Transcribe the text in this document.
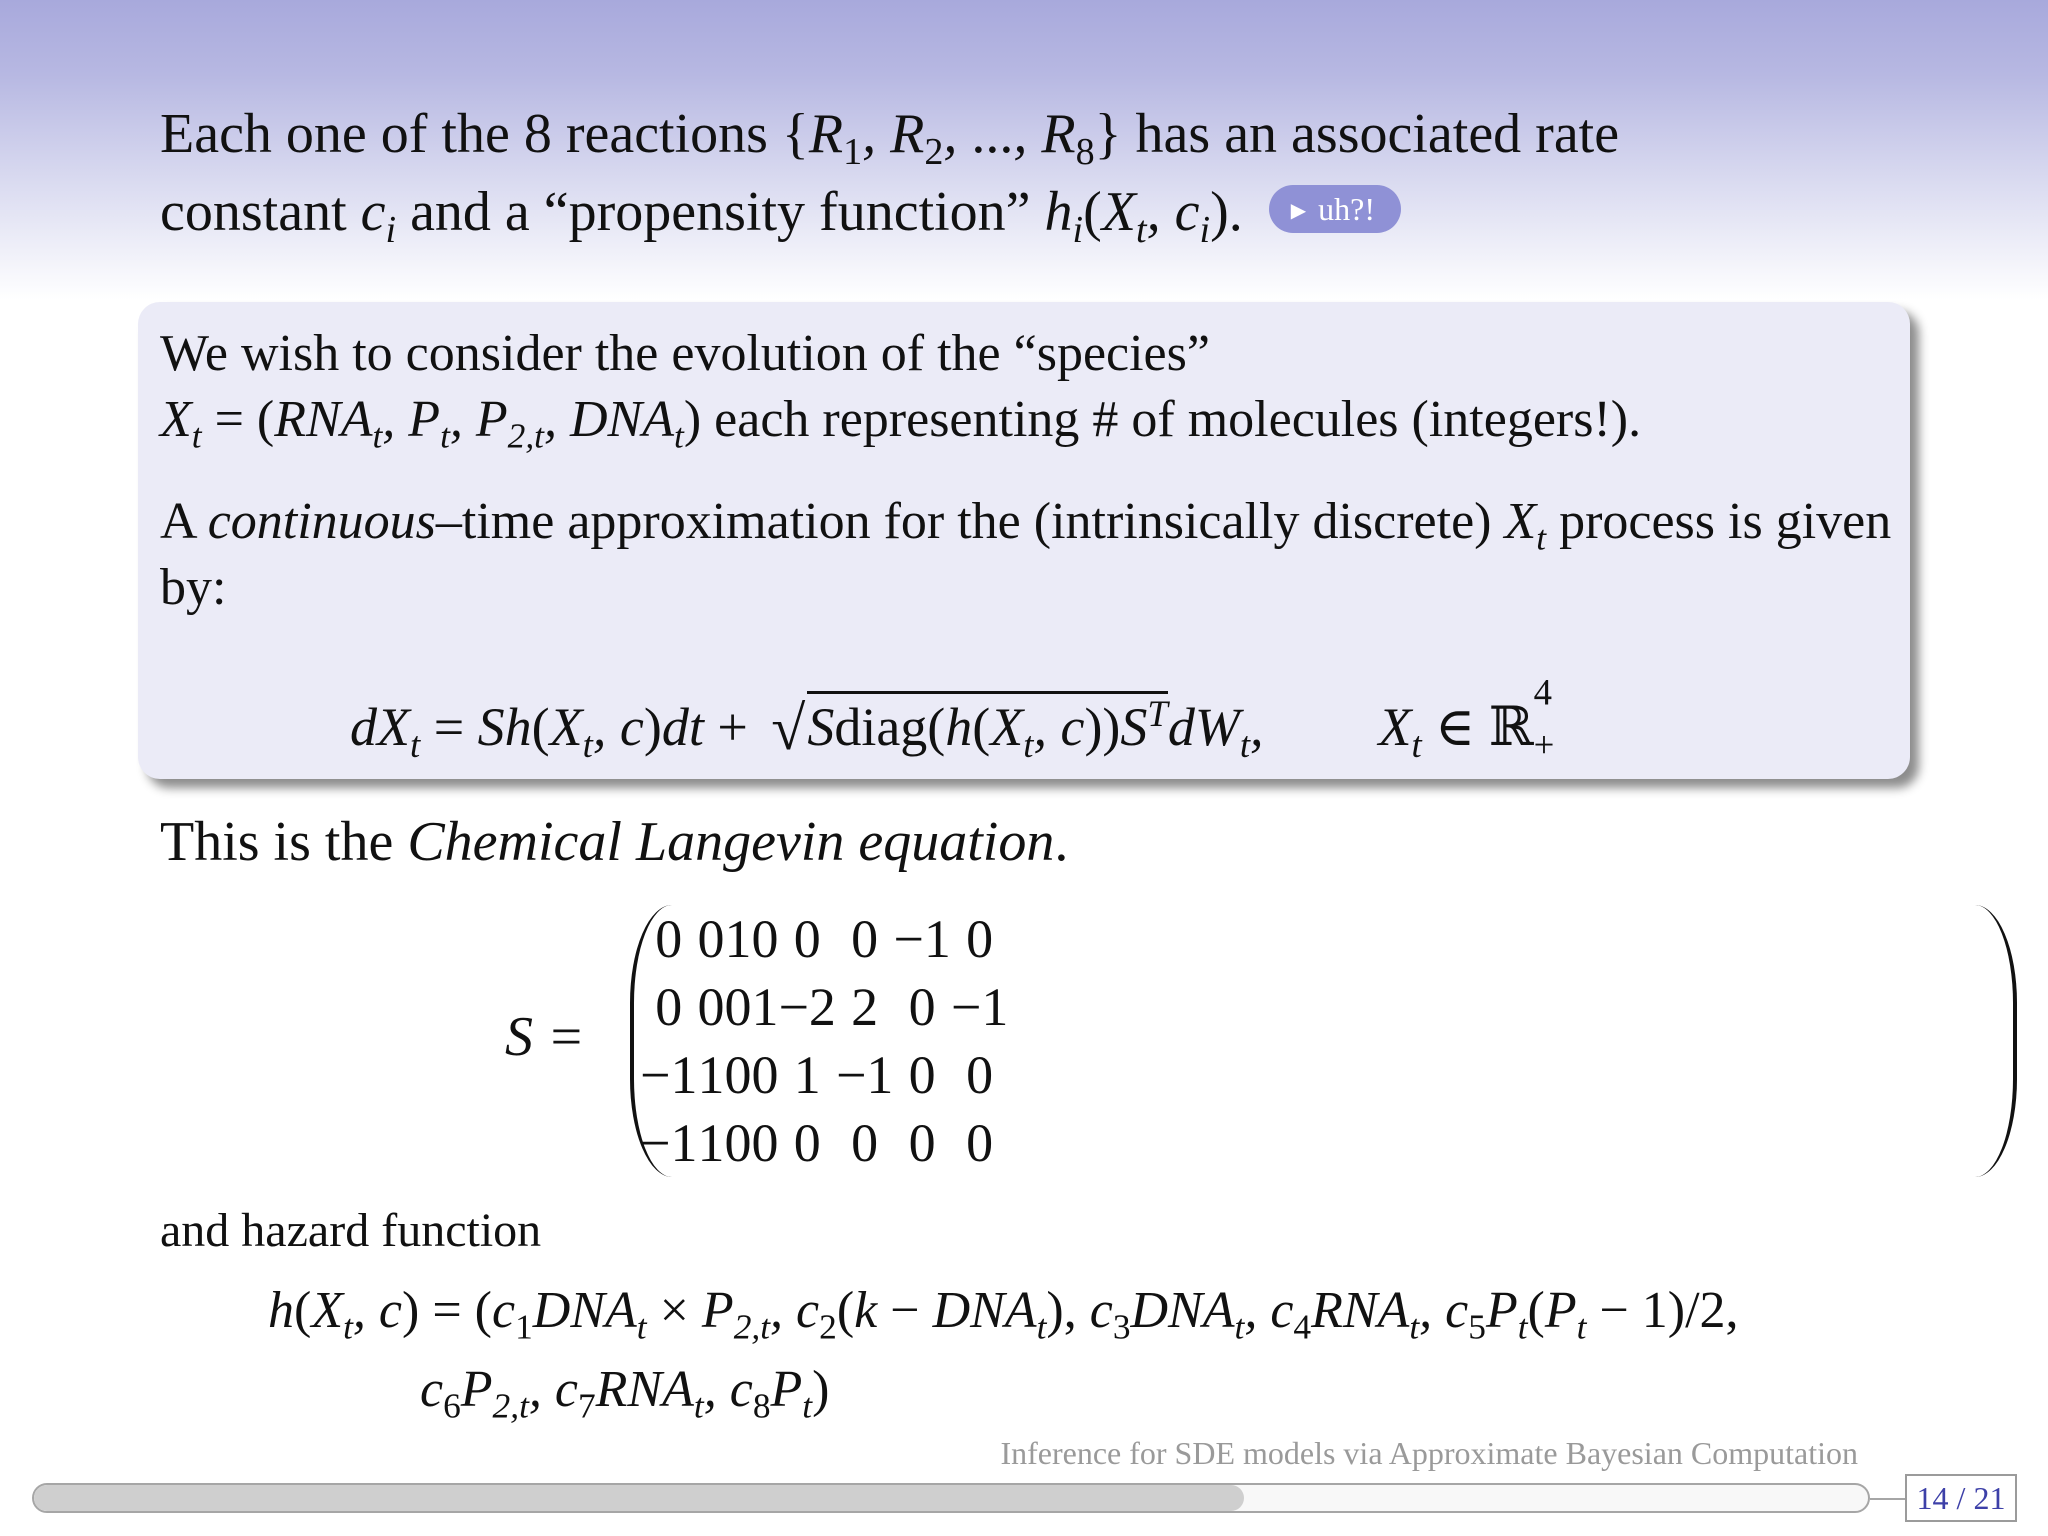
Each one of the 8 reactions {$R_1$, $R_2$, ..., $R_8$} has an associated rate
constant $c_i$ and a “propensity function” $h_i(X_t$, $c_i$). ▶ uh?!
We wish to consider the evolution of the “species”
$X_t = (RNA_t$, $P_t$, $P_{2,t}$, $DNA_t$) each representing # of molecules (integers!).
A continuous–time approximation for the (intrinsically discrete) $X_t$ process is given by:
$dX_t = Sh(X_t$, $c)dt + √Sdiag(h(X_t$, $c))S^TdW_t$, $X_t$ ∈ ℝ$^4_+$
This is the Chemical Langevin equation.
S =
0	0	1	0	0	0	−1	0
0	0	0	1	−2	2	0	−1
−1	1	0	0	1	−1	0	0
−1	1	0	0	0	0	0	0
and hazard function
$h(X_t$, $c) = (c_1DNA_t \times P_{2,t}$, $c_2(k - DNA_t)$, $c_3DNA_t$, $c_4RNA_t$, $c_5P_t(P_t - 1)/2$,
$c_6P_{2,t}$, $c_7RNA_t$, $c_8P_t$)
Inference for SDE models via Approximate Bayesian Computation
14 / 21
